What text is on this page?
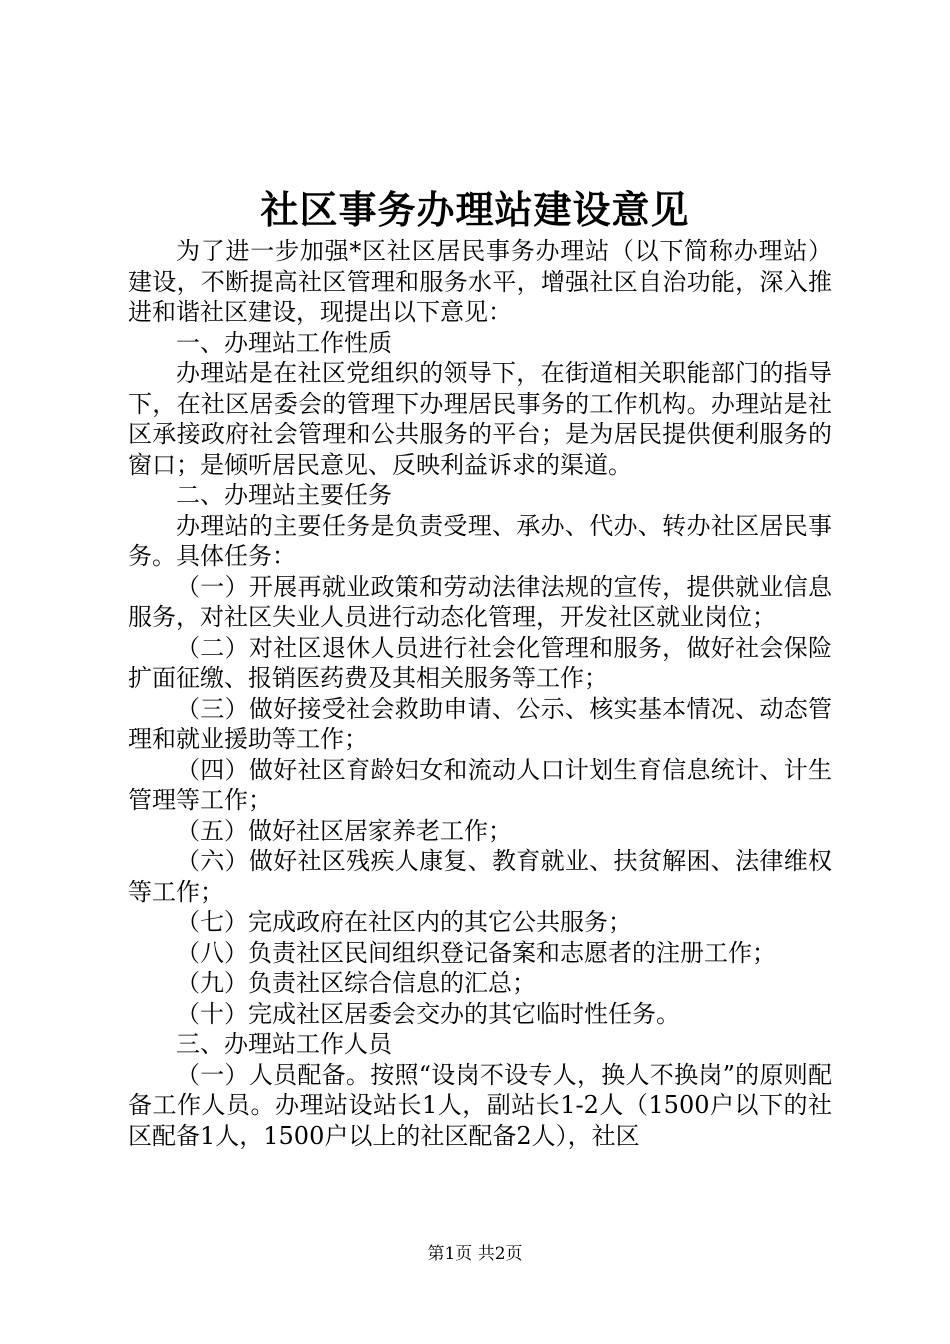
社区事务办理站建设意见

为了进一步加强*区社区居民事务办理站（以下简称办理站）建设，不断提高社区管理和服务水平，增强社区自治功能，深入推进和谐社区建设，现提出以下意见：

一、办理站工作性质

办理站是在社区党组织的领导下，在街道相关职能部门的指导下，在社区居委会的管理下办理居民事务的工作机构。办理站是社区承接政府社会管理和公共服务的平台；是为居民提供便利服务的窗口；是倾听居民意见、反映利益诉求的渠道。

二、办理站主要任务

办理站的主要任务是负责受理、承办、代办、转办社区居民事务。具体任务：

（一）开展再就业政策和劳动法律法规的宣传，提供就业信息服务，对社区失业人员进行动态化管理，开发社区就业岗位；

（二）对社区退休人员进行社会化管理和服务，做好社会保险扩面征缴、报销医药费及其相关服务等工作；

（三）做好接受社会救助申请、公示、核实基本情况、动态管理和就业援助等工作；

（四）做好社区育龄妇女和流动人口计划生育信息统计、计生管理等工作；

（五）做好社区居家养老工作；

（六）做好社区残疾人康复、教育就业、扶贫解困、法律维权等工作；

（七）完成政府在社区内的其它公共服务；

（八）负责社区民间组织登记备案和志愿者的注册工作；

（九）负责社区综合信息的汇总；

（十）完成社区居委会交办的其它临时性任务。

三、办理站工作人员

（一）人员配备。按照“设岗不设专人，换人不换岗”的原则配备工作人员。办理站设站长1人，副站长1-2人（1500户以下的社区配备1人，1500户以上的社区配备2人），社区

第1页 共2页
